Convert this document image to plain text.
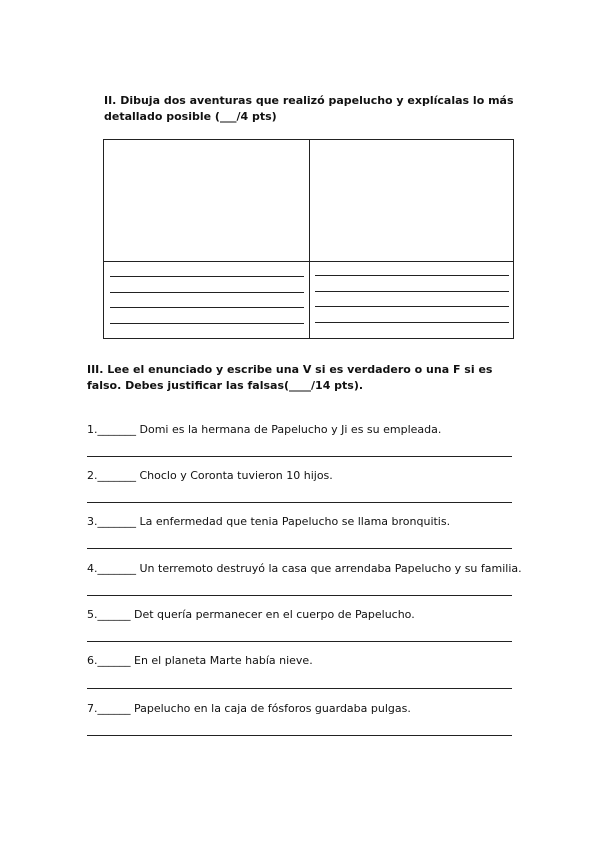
II. Dibuja dos aventuras que realizó papelucho y explícalas lo más detallado posible (___/4 pts)
III. Lee el enunciado y escribe una V si es verdadero o una F si es falso. Debes justificar las falsas(____/14 pts).
1._______ Domi es la hermana de Papelucho y Ji es su empleada.
2._______ Choclo y Coronta tuvieron 10 hijos.
3._______ La enfermedad que tenia Papelucho se llama bronquitis.
4._______ Un terremoto destruyó la casa que arrendaba Papelucho y su familia.
5.______ Det quería permanecer en el cuerpo de Papelucho.
6.______ En el planeta Marte había nieve.
7.______ Papelucho en la caja de fósforos guardaba pulgas.
